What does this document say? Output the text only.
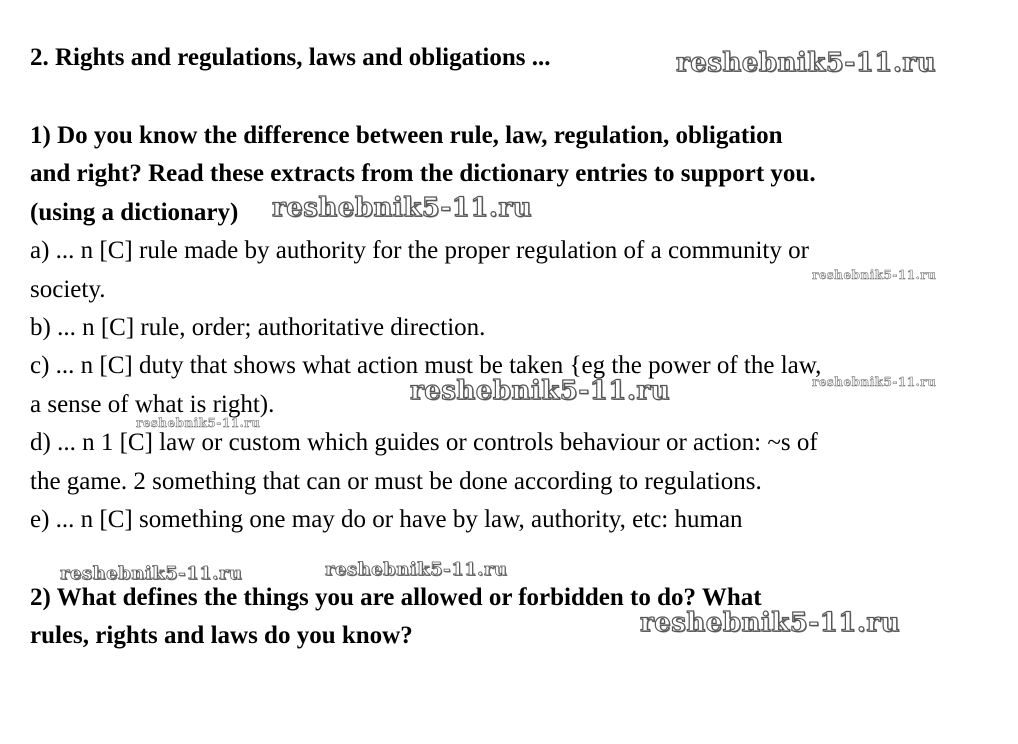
2. Rights and regulations, laws and obligations ...
1) Do you know the difference between rule, law, regulation, obligation
and right? Read these extracts from the dictionary entries to support you.
(using a dictionary)
a) ... n [C] rule made by authority for the proper regulation of a community or
society.
b) ... n [C] rule, order; authoritative direction.
c) ... n [C] duty that shows what action must be taken {eg the power of the law,
a sense of what is right).
d) ... n 1 [C] law or custom which guides or controls behaviour or action: ~s of
the game. 2 something that can or must be done according to regulations.
e) ... n [C] something one may do or have by law, authority, etc: human
2) What defines the things you are allowed or forbidden to do? What
rules, rights and laws do you know?
reshebnik5-11.ru
reshebnik5-11.ru
reshebnik5-11.ru
reshebnik5-11.ru	reshebnik5-11.ru
reshebnik5-11.ru
reshebnik5-11.ru	reshebnik5-11.ru
reshebnik5-11.ru
